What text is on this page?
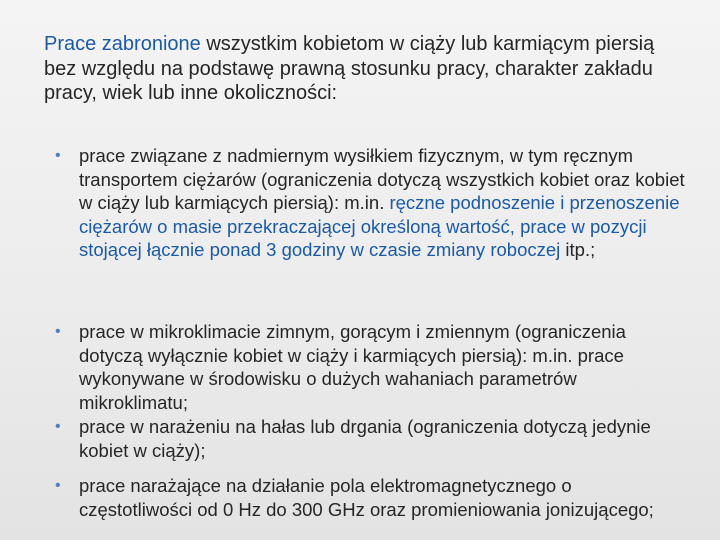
Prace zabronione wszystkim kobietom w ciąży lub karmiącym piersią bez względu na podstawę prawną stosunku pracy, charakter zakładu pracy, wiek lub inne okoliczności:

• prace związane z nadmiernym wysiłkiem fizycznym, w tym ręcznym transportem ciężarów (ograniczenia dotyczą wszystkich kobiet oraz kobiet w ciąży lub karmiących piersią): m.in. ręczne podnoszenie i przenoszenie ciężarów o masie przekraczającej określoną wartość, prace w pozycji stojącej łącznie ponad 3 godziny w czasie zmiany roboczej itp.;
• prace w mikroklimacie zimnym, gorącym i zmiennym (ograniczenia dotyczą wyłącznie kobiet w ciąży i karmiących piersią): m.in. prace wykonywane w środowisku o dużych wahaniach parametrów mikroklimatu;
• prace w narażeniu na hałas lub drgania (ograniczenia dotyczą jedynie kobiet w ciąży);
• prace narażające na działanie pola elektromagnetycznego o częstotliwości od 0 Hz do 300 GHz oraz promieniowania jonizującego;
